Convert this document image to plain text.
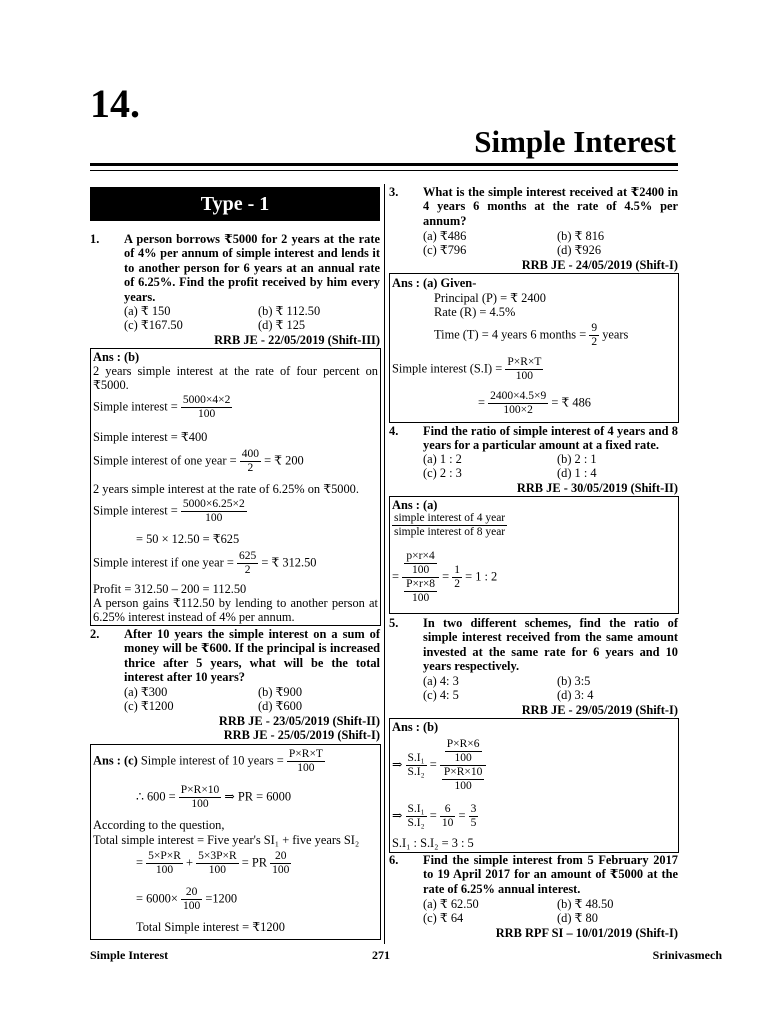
14.
Simple Interest
Type - 1
1. A person borrows ₹5000 for 2 years at the rate of 4% per annum of simple interest and lends it to another person for 6 years at an annual rate of 6.25%. Find the profit received by him every years.
(a) ₹ 150	(b) ₹ 112.50
(c) ₹167.50	(d) ₹ 125
RRB JE - 22/05/2019 (Shift-III)
Ans : (b)
2 years simple interest at the rate of four percent on ₹5000.
Simple interest = $\frac{5000\times 4\times 2}{100}$
Simple interest = ₹400
Simple interest of one year = $\frac{400}{2}$ = ₹ 200
2 years simple interest at the rate of 6.25% on ₹5000.
Simple interest = $\frac{5000\times 6.25\times 2}{100}$
= 50 × 12.50 = ₹625
Simple interest if one year = $\frac{625}{2}$ = ₹ 312.50
Profit = 312.50 – 200 = 112.50
A person gains ₹112.50 by lending to another person at 6.25% interest instead of 4% per annum.
2. After 10 years the simple interest on a sum of money will be ₹600. If the principal is increased thrice after 5 years, what will be the total interest after 10 years?
(a) ₹300	(b) ₹900
(c) ₹1200	(d) ₹600
RRB JE - 23/05/2019 (Shift-II)
RRB JE - 25/05/2019 (Shift-I)
Ans : (c) Simple interest of 10 years = $\frac{P\times R\times T}{100}$
∴ $600 = \frac{P\times R\times 10}{100}$ ⇒ PR = 6000
According to the question,
Total simple interest = Five year's SI₁ + five years SI₂
= $\frac{5\times P\times R}{100} + \frac{5\times 3P\times R}{100}$ = PR $\frac{20}{100}$
= $6000\times \frac{20}{100} =1200$
Total Simple interest = ₹1200
3. What is the simple interest received at ₹2400 in 4 years 6 months at the rate of 4.5% per annum?
(a) ₹486	(b) ₹ 816
(c) ₹796	(d) ₹926
RRB JE - 24/05/2019 (Shift-I)
Ans : (a) Given-
Principal (P) = ₹ 2400
Rate (R) = 4.5%
Time (T) = 4 years 6 months = $\frac{9}{2}$ years
Simple interest $(S.I) = \frac{P\times R\times T}{100}$
= $\frac{2400\times 4.5\times 9}{100\times 2}$ = ₹ 486
4. Find the ratio of simple interest of 4 years and 8 years for a particular amount at a fixed rate.
(a) 1 : 2	(b) 2 : 1
(c) 2 : 3	(d) 1 : 4
RRB JE - 30/05/2019 (Shift-II)
Ans : (a)
$\frac{\text{simple interest of 4 year}}{\text{simple interest of 8 year}}$
= $\frac{\frac{p\times r\times 4}{100}}{\frac{P\times r\times 8}{100}} = \frac{1}{2} = 1$ : 2
5. In two different schemes, find the ratio of simple interest received from the same amount invested at the same rate for 6 years and 10 years respectively.
(a) 4: 3	(b) 3:5
(c) 4: 5	(d) 3: 4
RRB JE - 29/05/2019 (Shift-I)
Ans : (b)
⇒ $\frac{\text{S.I₁}}{\text{S.I₂}} = \frac{\frac{P\times R\times 6}{100}}{\frac{P\times R\times 10}{100}}$
⇒ $\frac{\text{S.I₁}}{\text{S.I₂}} = \frac{6}{10} = \frac{3}{5}$
S.I₁ : S.I₂ = 3 : 5
6. Find the simple interest from 5 February 2017 to 19 April 2017 for an amount of ₹5000 at the rate of 6.25% annual interest.
(a) ₹ 62.50	(b) ₹ 48.50
(c) ₹ 64	(d) ₹ 80
RRB RPF SI – 10/01/2019 (Shift-I)
Simple Interest	271	Srinivasmech
